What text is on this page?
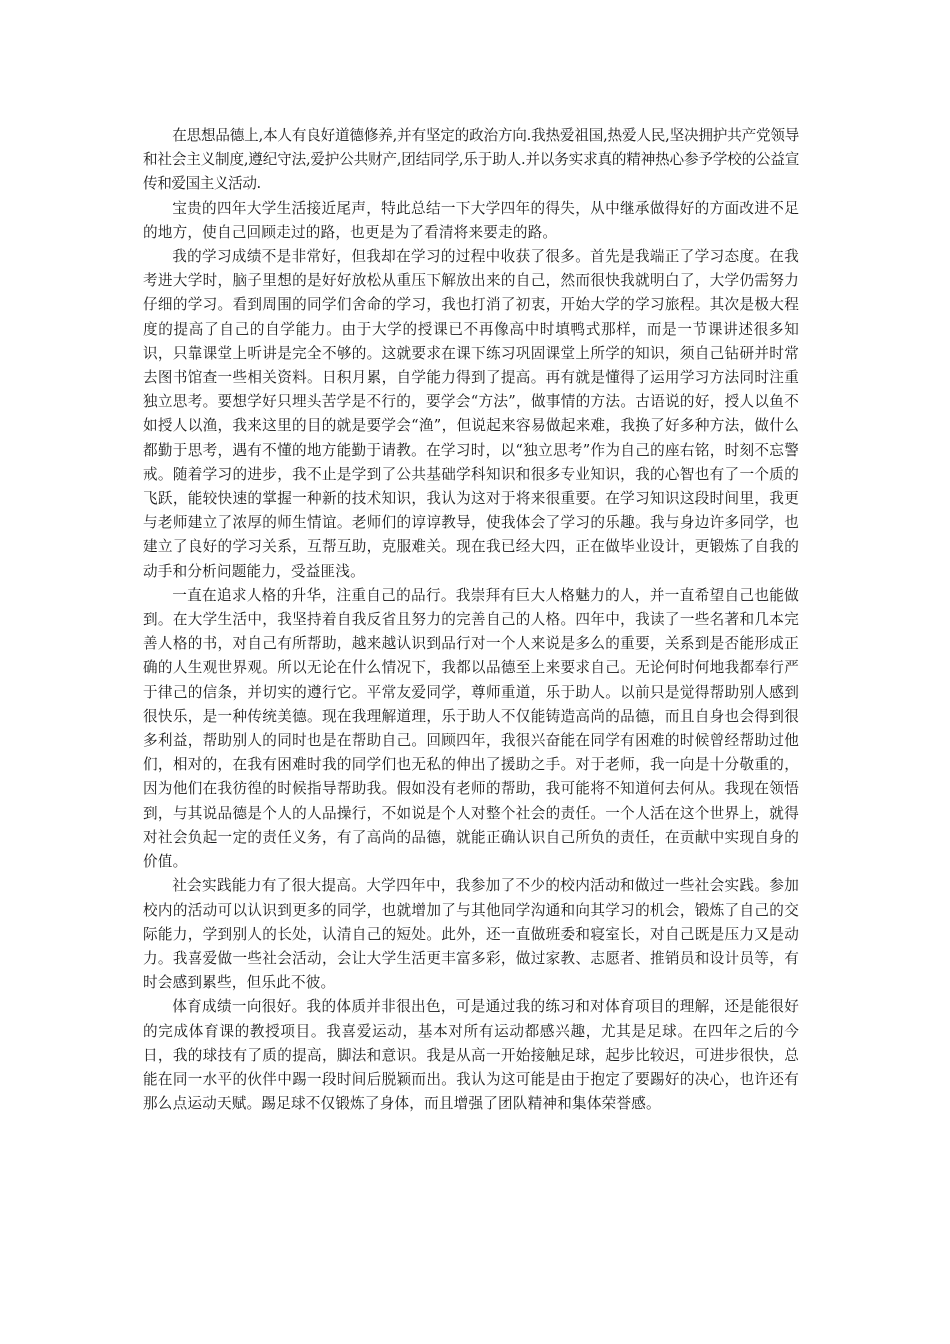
在思想品德上,本人有良好道德修养,并有坚定的政治方向.我热爱祖国,热爱人民,坚决拥护共产党领导和社会主义制度,遵纪守法,爱护公共财产,团结同学,乐于助人.并以务实求真的精神热心参予学校的公益宣传和爱国主义活动.

宝贵的四年大学生活接近尾声，特此总结一下大学四年的得失，从中继承做得好的方面改进不足的地方，使自己回顾走过的路，也更是为了看清将来要走的路。

我的学习成绩不是非常好，但我却在学习的过程中收获了很多。首先是我端正了学习态度。在我考进大学时，脑子里想的是好好放松从重压下解放出来的自己，然而很快我就明白了，大学仍需努力仔细的学习。看到周围的同学们舍命的学习，我也打消了初衷，开始大学的学习旅程。其次是极大程度的提高了自己的自学能力。由于大学的授课已不再像高中时填鸭式那样，而是一节课讲述很多知识，只靠课堂上听讲是完全不够的。这就要求在课下练习巩固课堂上所学的知识，须自己钻研并时常去图书馆查一些相关资料。日积月累，自学能力得到了提高。再有就是懂得了运用学习方法同时注重独立思考。要想学好只埋头苦学是不行的，要学会“方法”，做事情的方法。古语说的好，授人以鱼不如授人以渔，我来这里的目的就是要学会“渔”，但说起来容易做起来难，我换了好多种方法，做什么都勤于思考，遇有不懂的地方能勤于请教。在学习时，以“独立思考”作为自己的座右铭，时刻不忘警戒。随着学习的进步，我不止是学到了公共基础学科知识和很多专业知识，我的心智也有了一个质的飞跃，能较快速的掌握一种新的技术知识，我认为这对于将来很重要。在学习知识这段时间里，我更与老师建立了浓厚的师生情谊。老师们的谆谆教导，使我体会了学习的乐趣。我与身边许多同学，也建立了良好的学习关系，互帮互助，克服难关。现在我已经大四，正在做毕业设计，更锻炼了自我的动手和分析问题能力，受益匪浅。

一直在追求人格的升华，注重自己的品行。我崇拜有巨大人格魅力的人，并一直希望自己也能做到。在大学生活中，我坚持着自我反省且努力的完善自己的人格。四年中，我读了一些名著和几本完善人格的书，对自己有所帮助，越来越认识到品行对一个人来说是多么的重要，关系到是否能形成正确的人生观世界观。所以无论在什么情况下，我都以品德至上来要求自己。无论何时何地我都奉行严于律己的信条，并切实的遵行它。平常友爱同学，尊师重道，乐于助人。以前只是觉得帮助别人感到很快乐，是一种传统美德。现在我理解道理，乐于助人不仅能铸造高尚的品德，而且自身也会得到很多利益，帮助别人的同时也是在帮助自己。回顾四年，我很兴奋能在同学有困难的时候曾经帮助过他们，相对的，在我有困难时我的同学们也无私的伸出了援助之手。对于老师，我一向是十分敬重的，因为他们在我彷徨的时候指导帮助我。假如没有老师的帮助，我可能将不知道何去何从。我现在领悟到，与其说品德是个人的人品操行，不如说是个人对整个社会的责任。一个人活在这个世界上，就得对社会负起一定的责任义务，有了高尚的品德，就能正确认识自己所负的责任，在贡献中实现自身的价值。

社会实践能力有了很大提高。大学四年中，我参加了不少的校内活动和做过一些社会实践。参加校内的活动可以认识到更多的同学，也就增加了与其他同学沟通和向其学习的机会，锻炼了自己的交际能力，学到别人的长处，认清自己的短处。此外，还一直做班委和寝室长，对自己既是压力又是动力。我喜爱做一些社会活动，会让大学生活更丰富多彩，做过家教、志愿者、推销员和设计员等，有时会感到累些，但乐此不彼。

体育成绩一向很好。我的体质并非很出色，可是通过我的练习和对体育项目的理解，还是能很好的完成体育课的教授项目。我喜爱运动，基本对所有运动都感兴趣，尤其是足球。在四年之后的今日，我的球技有了质的提高，脚法和意识。我是从高一开始接触足球，起步比较迟，可进步很快，总能在同一水平的伙伴中踢一段时间后脱颖而出。我认为这可能是由于抱定了要踢好的决心，也许还有那么点运动天赋。踢足球不仅锻炼了身体，而且增强了团队精神和集体荣誉感。
